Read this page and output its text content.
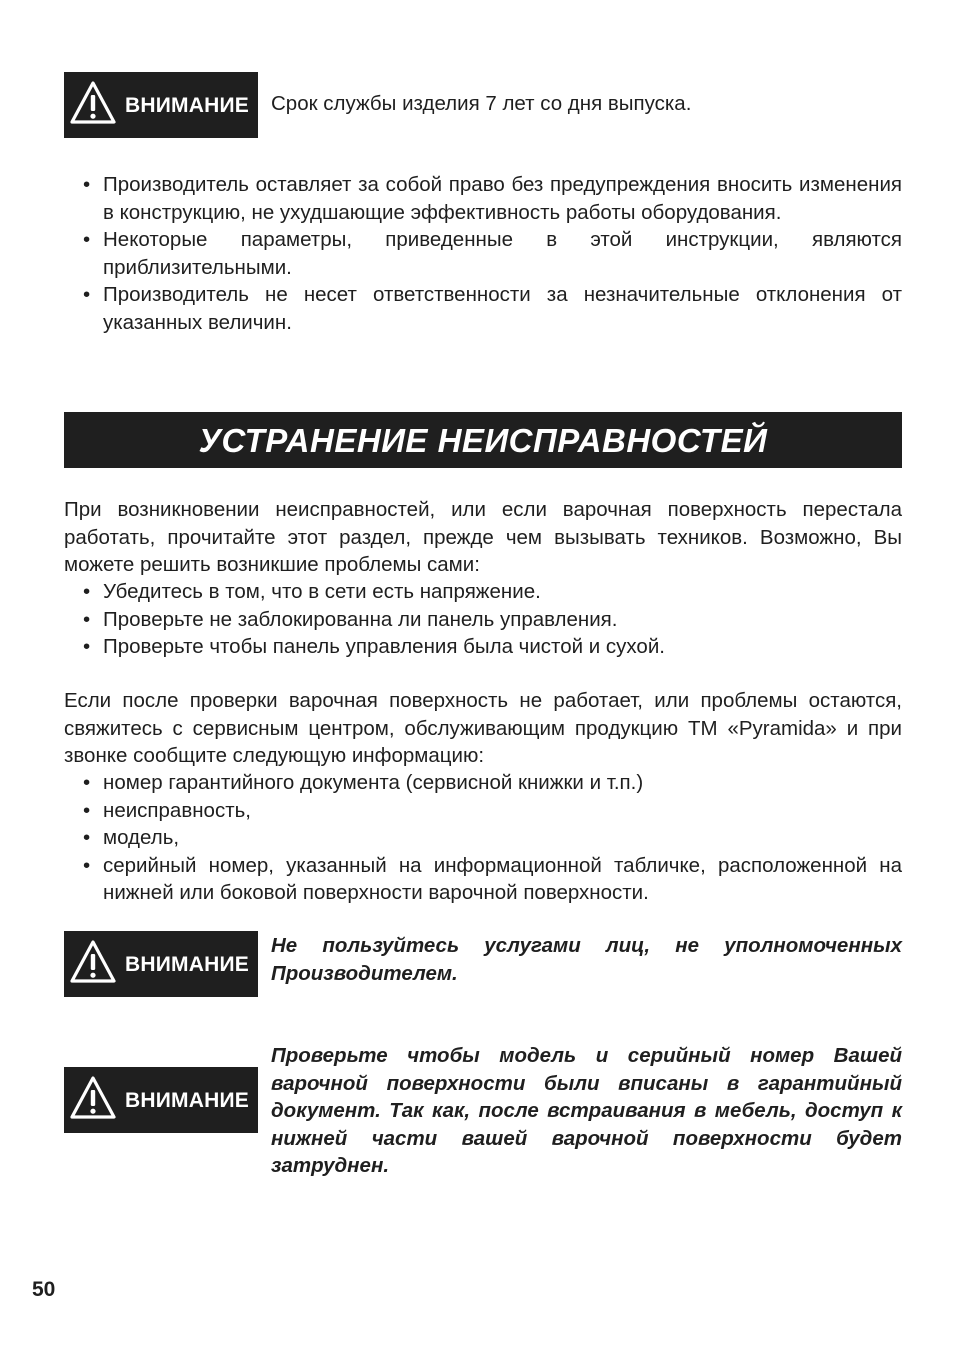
ВНИМАНИЕ Срок службы изделия 7 лет со дня выпуска.
• Производитель оставляет за собой право без предупреждения вносить изменения в конструкцию, не ухудшающие эффективность работы оборудования.
• Некоторые параметры, приведенные в этой инструкции, являются приблизительными.
• Производитель не несет ответственности за незначительные отклонения от указанных величин.
УСТРАНЕНИЕ НЕИСПРАВНОСТЕЙ
При возникновении неисправностей, или если варочная поверхность перестала работать, прочитайте этот раздел, прежде чем вызывать техников. Возможно, Вы можете решить возникшие проблемы сами:
• Убедитесь в том, что в сети есть напряжение.
• Проверьте не заблокированна ли панель управления.
• Проверьте чтобы панель управления была чистой и сухой.
Если после проверки варочная поверхность не работает, или проблемы остаются, свяжитесь с сервисным центром, обслуживающим продукцию ТМ «Pyramida» и при звонке сообщите следующую информацию:
• номер гарантийного документа (сервисной книжки и т.п.)
• неисправность,
• модель,
• серийный номер, указанный на информационной табличке, расположенной на нижней или боковой поверхности варочной поверхности.
ВНИМАНИЕ
Не пользуйтесь услугами лиц, не уполномоченных Производителем.
ВНИМАНИЕ
Проверьте чтобы модель и серийный номер Вашей варочной поверхности были вписаны в гарантийный документ. Так как, после встраивания в мебель, доступ к нижней части вашей варочной поверхности будет затруднен.
50
